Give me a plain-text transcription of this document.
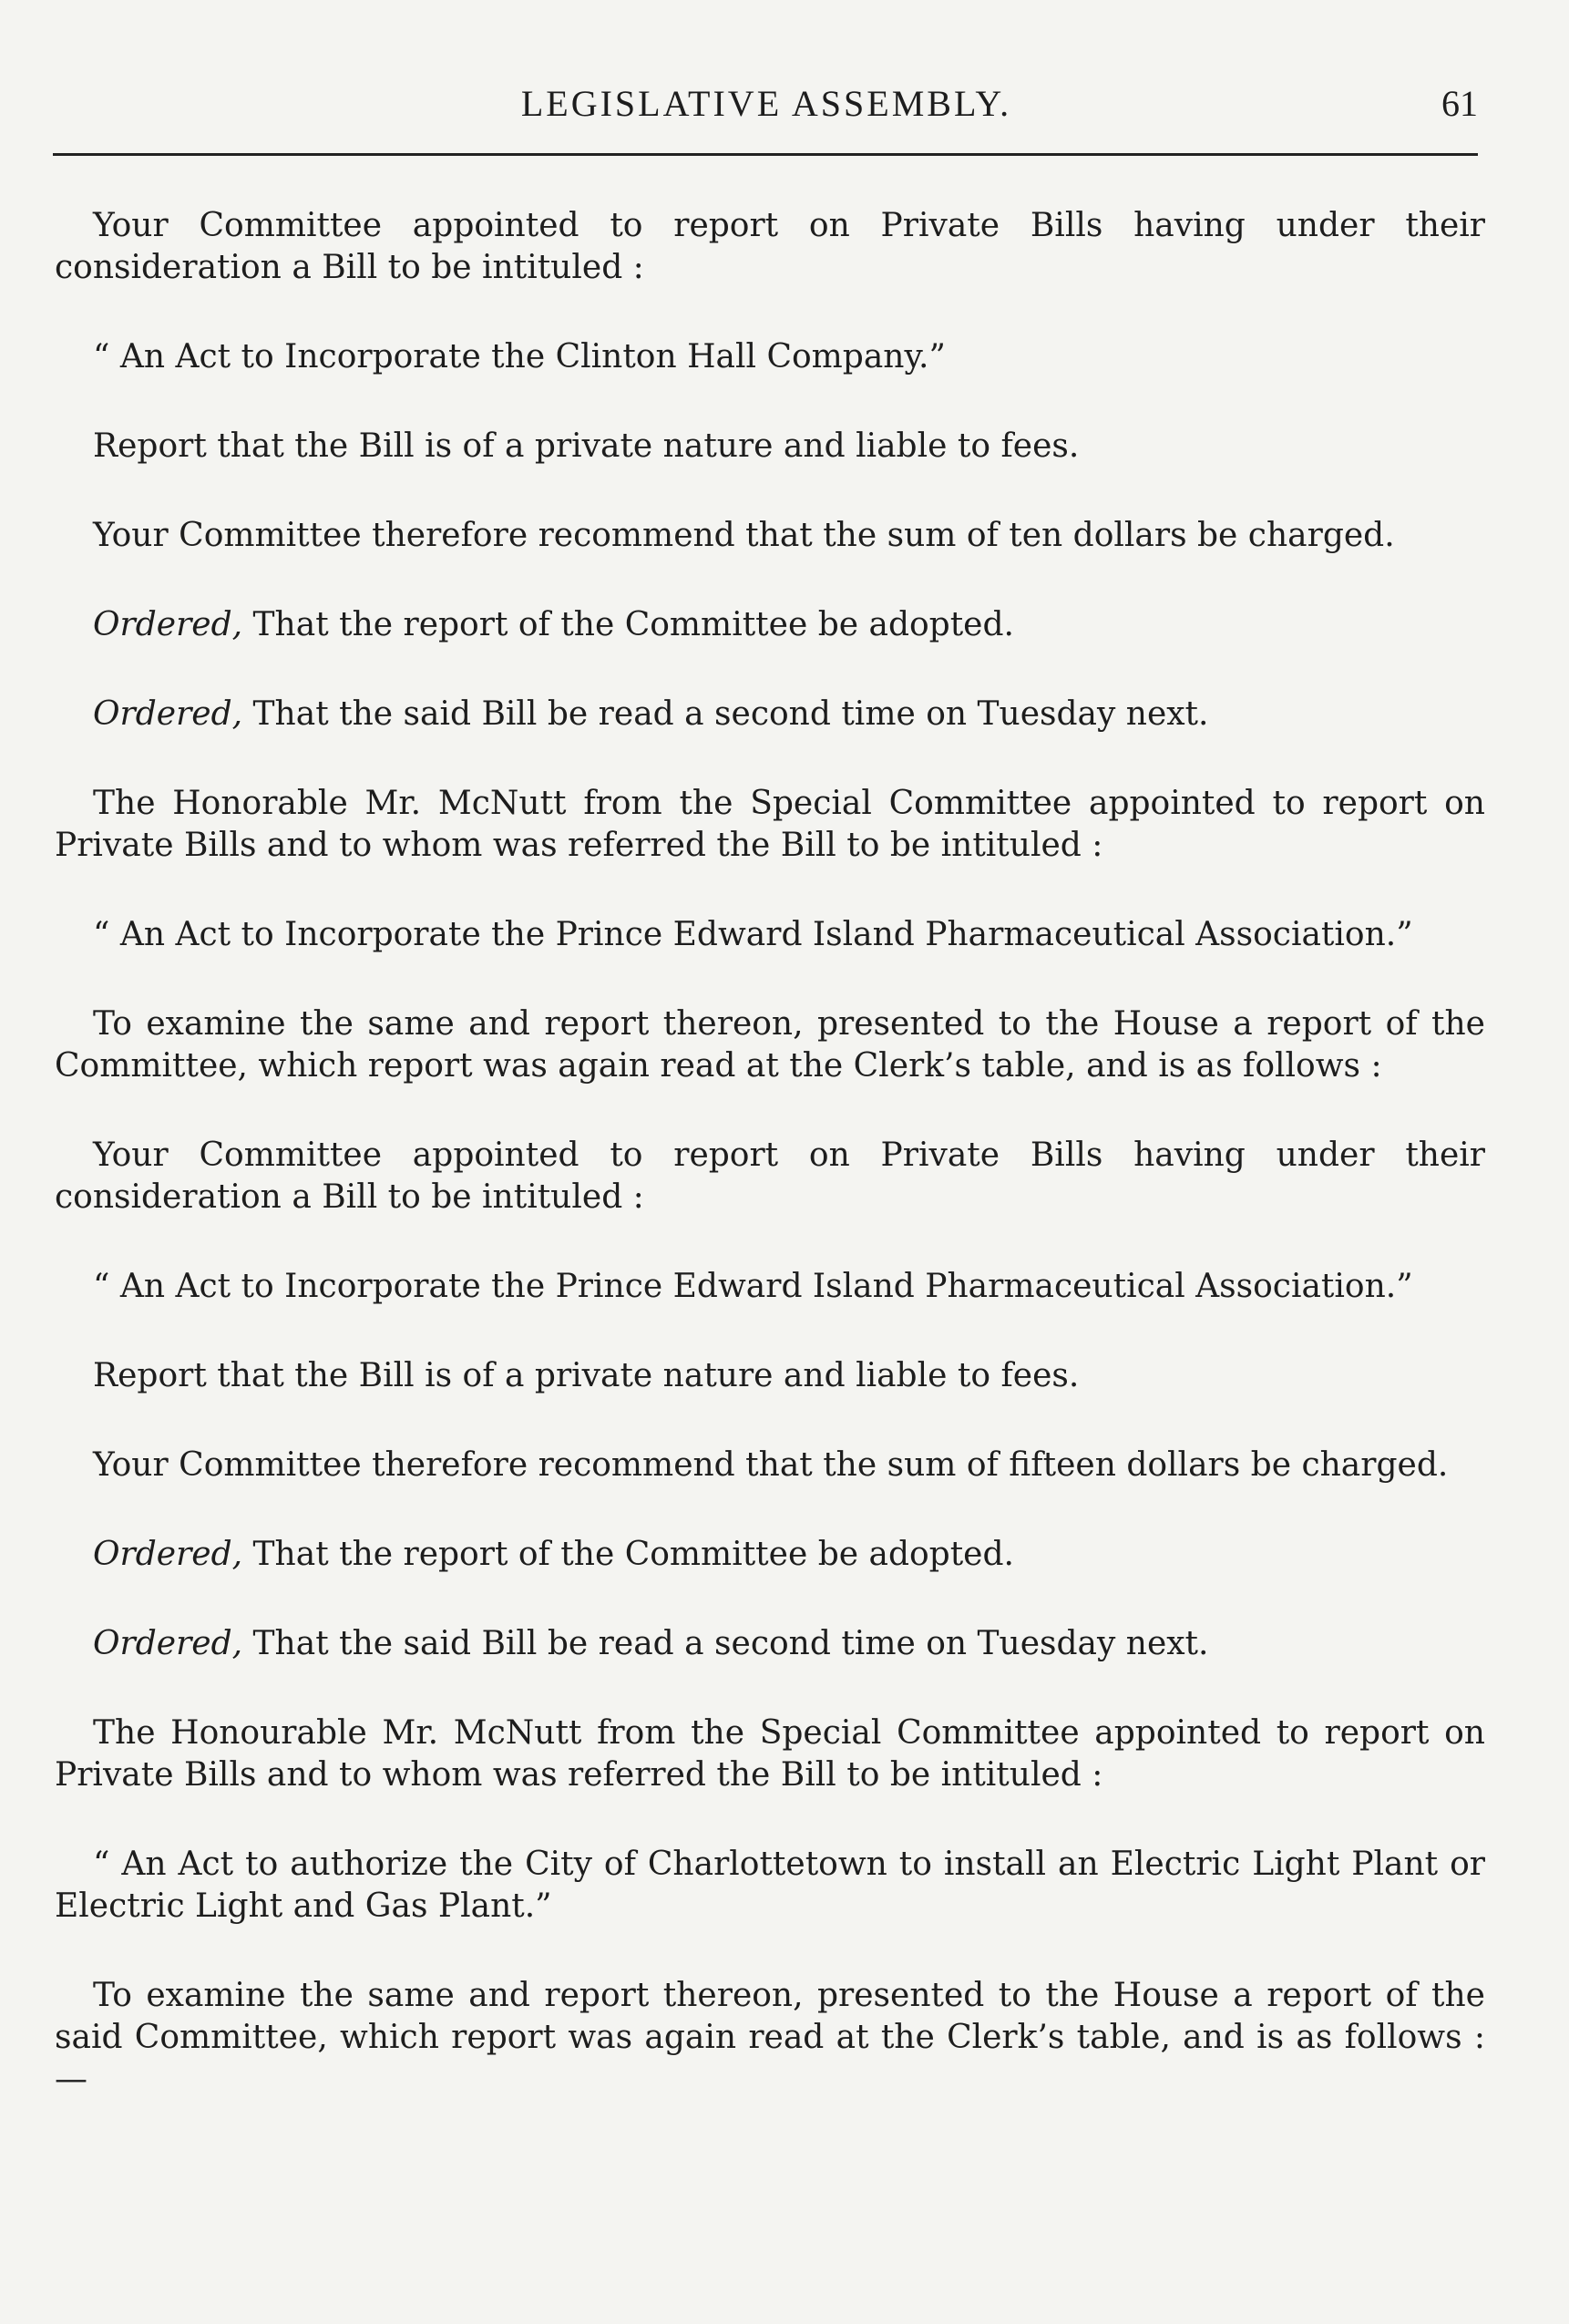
LEGISLATIVE ASSEMBLY.	61

Your Committee appointed to report on Private Bills having under their consideration a Bill to be intituled :

“ An Act to Incorporate the Clinton Hall Company.”

Report that the Bill is of a private nature and liable to fees.

Your Committee therefore recommend that the sum of ten dollars be charged.

Ordered, That the report of the Committee be adopted.

Ordered, That the said Bill be read a second time on Tuesday next.

The Honorable Mr. McNutt from the Special Committee appointed to report on Private Bills and to whom was referred the Bill to be intituled :

“ An Act to Incorporate the Prince Edward Island Pharmaceutical Association.”

To examine the same and report thereon, presented to the House a report of the Committee, which report was again read at the Clerk’s table, and is as follows :

Your Committee appointed to report on Private Bills having under their consideration a Bill to be intituled :

“ An Act to Incorporate the Prince Edward Island Pharmaceutical Association.”

Report that the Bill is of a private nature and liable to fees.

Your Committee therefore recommend that the sum of fifteen dollars be charged.

Ordered, That the report of the Committee be adopted.

Ordered, That the said Bill be read a second time on Tuesday next.

The Honourable Mr. McNutt from the Special Committee appointed to report on Private Bills and to whom was referred the Bill to be intituled :

“ An Act to authorize the City of Charlottetown to install an Electric Light Plant or Electric Light and Gas Plant.”

To examine the same and report thereon, presented to the House a report of the said Committee, which report was again read at the Clerk’s table, and is as follows :—
